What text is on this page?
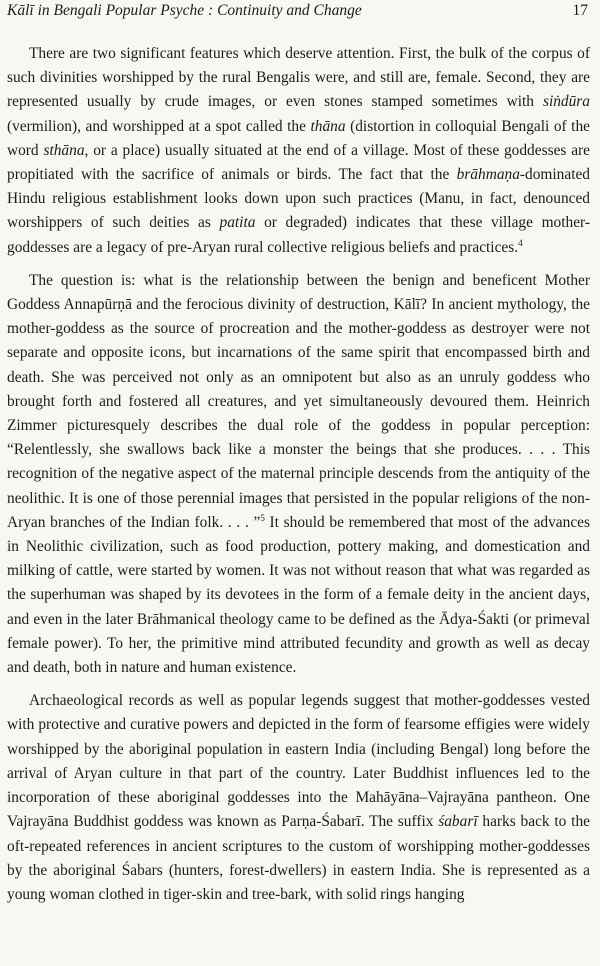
Kālī in Bengali Popular Psyche : Continuity and Change	17

There are two significant features which deserve attention. First, the bulk of the corpus of such divinities worshipped by the rural Bengalis were, and still are, female. Second, they are represented usually by crude images, or even stones stamped sometimes with siṅdūra (vermilion), and worshipped at a spot called the thāna (distortion in colloquial Bengali of the word sthāna, or a place) usually situated at the end of a village. Most of these goddesses are propitiated with the sacrifice of animals or birds. The fact that the brāhmaṇa-dominated Hindu religious establishment looks down upon such practices (Manu, in fact, denounced worshippers of such deities as patita or degraded) indicates that these village mother-goddesses are a legacy of pre-Aryan rural collective religious beliefs and practices.$^4$

The question is: what is the relationship between the benign and beneficent Mother Goddess Annapūrṇā and the ferocious divinity of destruction, Kālī? In ancient mythology, the mother-goddess as the source of procreation and the mother-goddess as destroyer were not separate and opposite icons, but incarnations of the same spirit that encompassed birth and death. She was perceived not only as an omnipotent but also as an unruly goddess who brought forth and fostered all creatures, and yet simultaneously devoured them. Heinrich Zimmer picturesquely describes the dual role of the goddess in popular perception: “Relentlessly, she swallows back like a monster the beings that she produces. . . . This recognition of the negative aspect of the maternal principle descends from the antiquity of the neolithic. It is one of those perennial images that persisted in the popular religions of the non-Aryan branches of the Indian folk. . . . ”$^5$ It should be remembered that most of the advances in Neolithic civilization, such as food production, pottery making, and domestication and milking of cattle, were started by women. It was not without reason that what was regarded as the superhuman was shaped by its devotees in the form of a female deity in the ancient days, and even in the later Brāhmanical theology came to be defined as the Ādya-Śakti (or primeval female power). To her, the primitive mind attributed fecundity and growth as well as decay and death, both in nature and human existence.

Archaeological records as well as popular legends suggest that mother-goddesses vested with protective and curative powers and depicted in the form of fearsome effigies were widely worshipped by the aboriginal population in eastern India (including Bengal) long before the arrival of Aryan culture in that part of the country. Later Buddhist influences led to the incorporation of these aboriginal goddesses into the Mahāyāna–Vajrayāna pantheon. One Vajrayāna Buddhist goddess was known as Parṇa-Śabarī. The suffix śabarī harks back to the oft-repeated references in ancient scriptures to the custom of worshipping mother-goddesses by the aboriginal Śabars (hunters, forest-dwellers) in eastern India. She is represented as a young woman clothed in tiger-skin and tree-bark, with solid rings hanging
